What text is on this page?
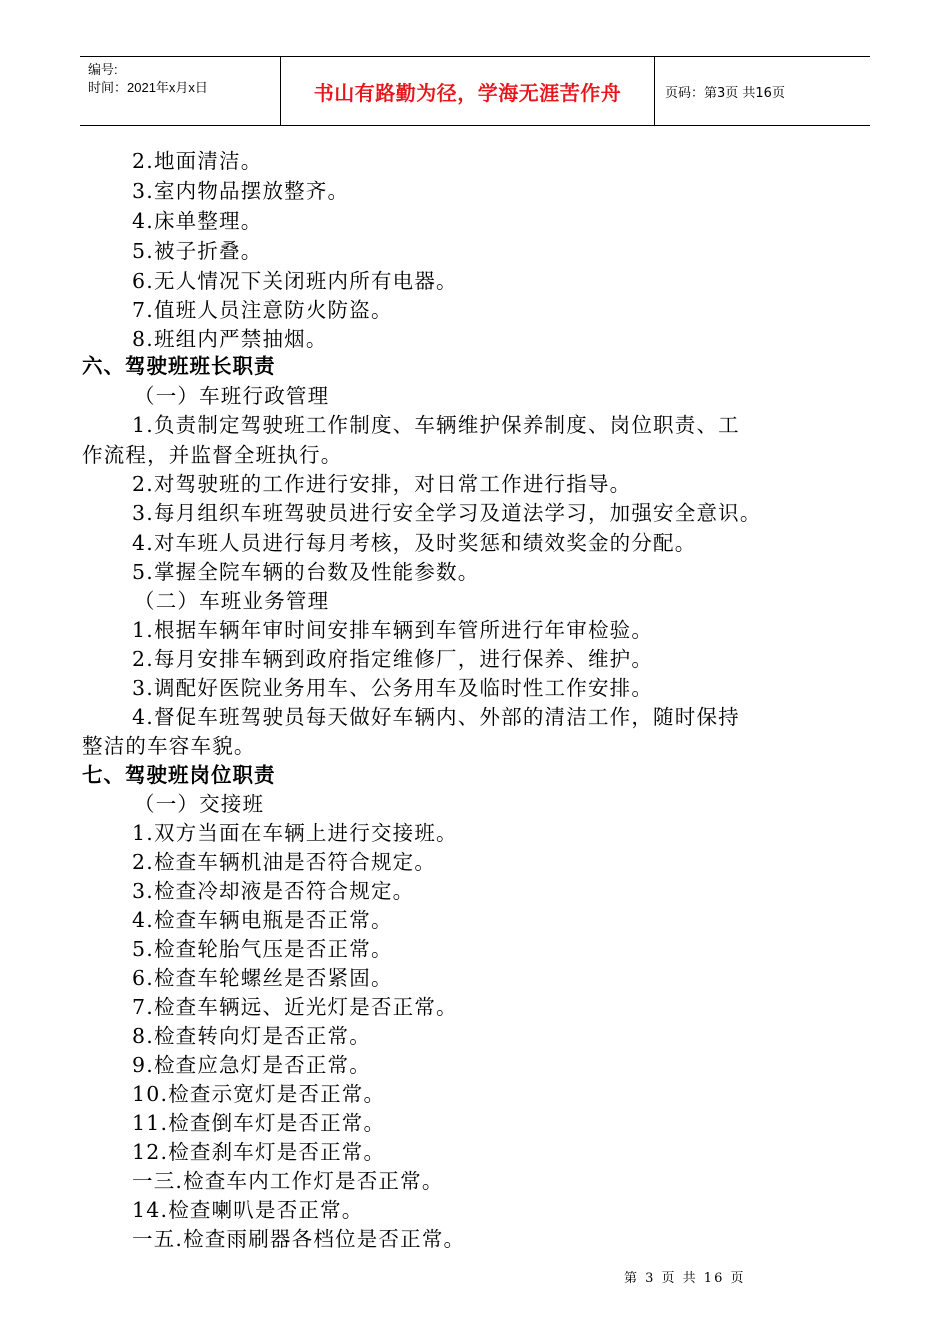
编号:
时间：2021年x月x日	书山有路勤为径，学海无涯苦作舟	页码：第3页 共16页
2.地面清洁。
3.室内物品摆放整齐。
4.床单整理。
5.被子折叠。
6.无人情况下关闭班内所有电器。
7.值班人员注意防火防盗。
8.班组内严禁抽烟。
六、驾驶班班长职责
（一）车班行政管理
1.负责制定驾驶班工作制度、车辆维护保养制度、岗位职责、工
作流程，并监督全班执行。
2.对驾驶班的工作进行安排，对日常工作进行指导。
3.每月组织车班驾驶员进行安全学习及道法学习，加强安全意识。
4.对车班人员进行每月考核，及时奖惩和绩效奖金的分配。
5.掌握全院车辆的台数及性能参数。
（二）车班业务管理
1.根据车辆年审时间安排车辆到车管所进行年审检验。
2.每月安排车辆到政府指定维修厂，进行保养、维护。
3.调配好医院业务用车、公务用车及临时性工作安排。
4.督促车班驾驶员每天做好车辆内、外部的清洁工作，随时保持
整洁的车容车貌。
七、驾驶班岗位职责
（一）交接班
1.双方当面在车辆上进行交接班。
2.检查车辆机油是否符合规定。
3.检查冷却液是否符合规定。
4.检查车辆电瓶是否正常。
5.检查轮胎气压是否正常。
6.检查车轮螺丝是否紧固。
7.检查车辆远、近光灯是否正常。
8.检查转向灯是否正常。
9.检查应急灯是否正常。
10.检查示宽灯是否正常。
11.检查倒车灯是否正常。
12.检查刹车灯是否正常。
一三.检查车内工作灯是否正常。
14.检查喇叭是否正常。
一五.检查雨刷器各档位是否正常。
第 3 页 共 16 页
